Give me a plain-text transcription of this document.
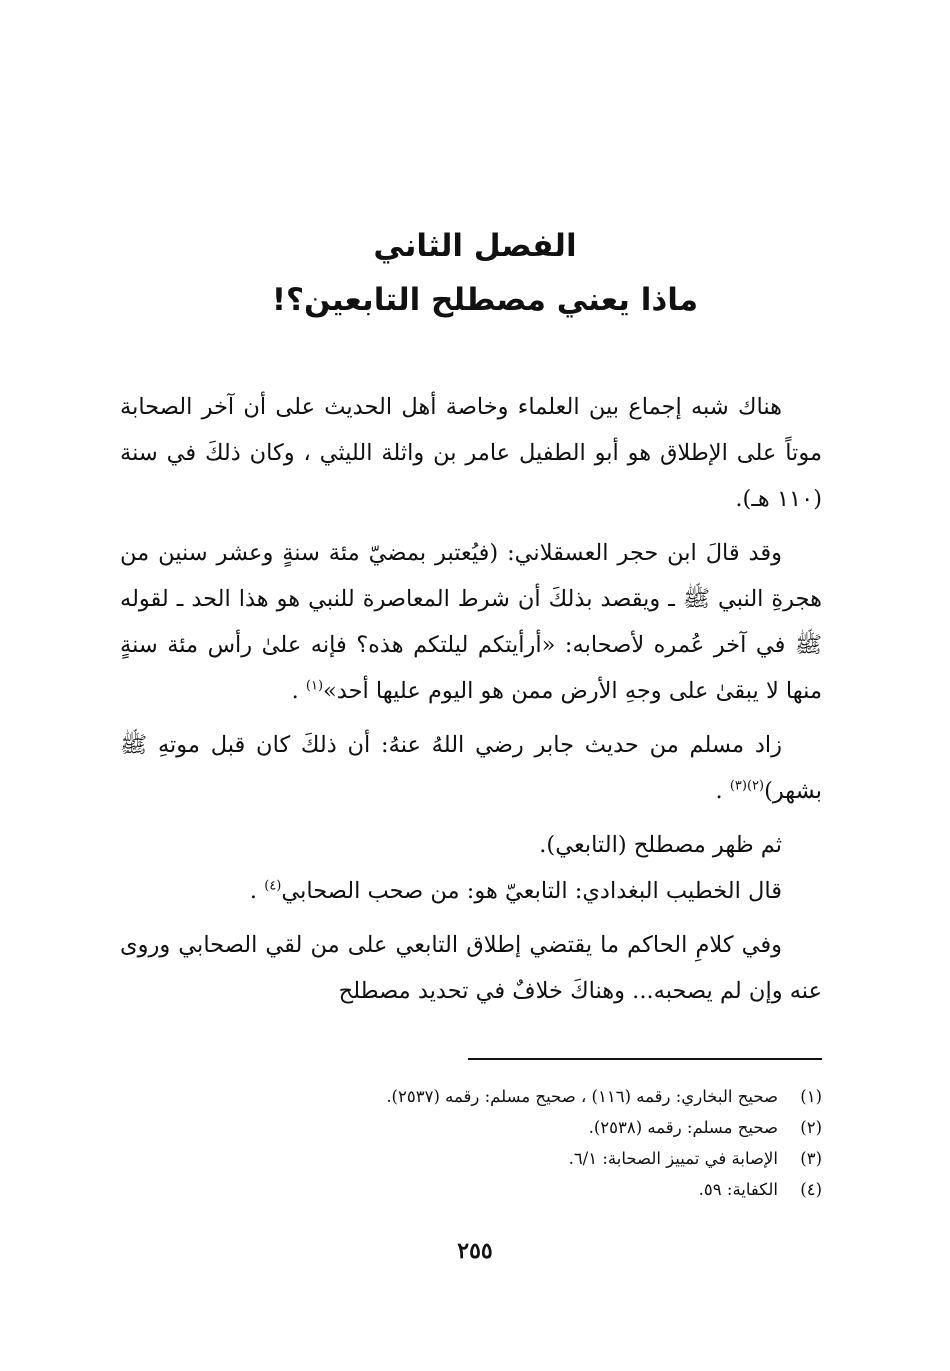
الفصل الثاني

ماذا يعني مصطلح التابعين؟!

هناك شبه إجماع بين العلماء وخاصة أهل الحديث على أن آخر الصحابة موتاً على الإطلاق هو أبو الطفيل عامر بن واثلة الليثي ، وكان ذلكَ في سنة (١١٠ هـ).

وقد قالَ ابن حجر العسقلاني: (فيُعتبر بمضيّ مئة سنةٍ وعشر سنين من هجرةِ النبي ﷺ ـ ويقصد بذلكَ أن شرط المعاصرة للنبي هو هذا الحد ـ لقوله ﷺ في آخر عُمره لأصحابه: «أرأيتكم ليلتكم هذه؟ فإنه علىٰ رأس مئة سنةٍ منها لا يبقىٰ على وجهِ الأرض ممن هو اليوم عليها أحد»$^{(١)}$ .

زاد مسلم من حديث جابر رضي اللهُ عنهُ: أن ذلكَ كان قبل موتهِ ﷺ بشهر)$^{(٢)(٣)}$ .

ثم ظهر مصطلح (التابعي).

قال الخطيب البغدادي: التابعيّ هو: من صحب الصحابي$^{(٤)}$ .

وفي كلامِ الحاكم ما يقتضي إطلاق التابعي على من لقي الصحابي وروى عنه وإن لم يصحبه... وهناكَ خلافٌ في تحديد مصطلح

(١)
صحيح البخاري: رقمه (١١٦) ، صحيح مسلم: رقمه (٢٥٣٧).

(٢)
صحيح مسلم: رقمه (٢٥٣٨).

(٣)
الإصابة في تمييز الصحابة: ٦/١.

(٤)
الكفاية: ٥٩.

٢٥٥
